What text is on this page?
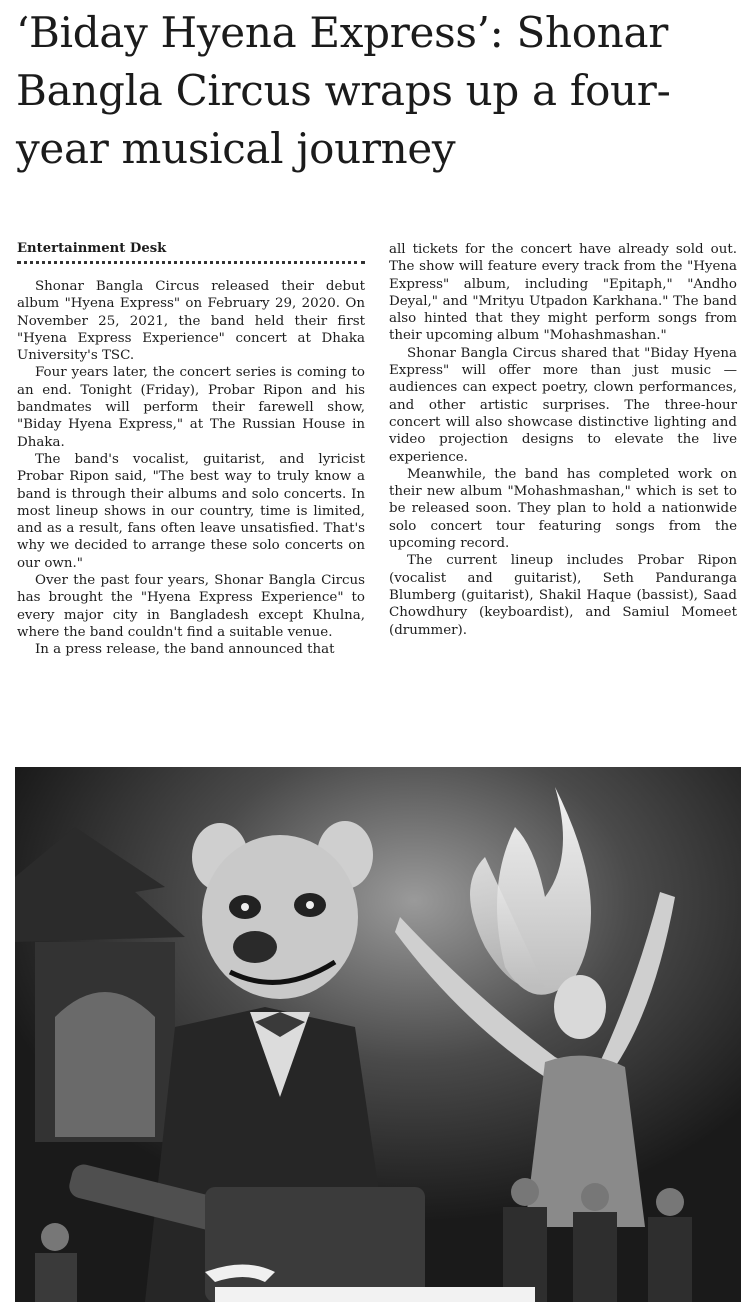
‘Biday Hyena Express’: Shonar Bangla Circus wraps up a four-year musical journey
Entertainment Desk

Shonar Bangla Circus released their debut album "Hyena Express" on February 29, 2020. On November 25, 2021, the band held their first "Hyena Express Experience" concert at Dhaka University's TSC.

Four years later, the concert series is coming to an end. Tonight (Friday), Probar Ripon and his bandmates will perform their farewell show, "Biday Hyena Express," at The Russian House in Dhaka.

The band's vocalist, guitarist, and lyricist Probar Ripon said, "The best way to truly know a band is through their albums and solo concerts. In most lineup shows in our country, time is limited, and as a result, fans often leave unsatisfied. That's why we decided to arrange these solo concerts on our own."

Over the past four years, Shonar Bangla Circus has brought the "Hyena Express Experience" to every major city in Bangladesh except Khulna, where the band couldn't find a suitable venue.

In a press release, the band announced that

all tickets for the concert have already sold out. The show will feature every track from the "Hyena Express" album, including "Epitaph," "Andho Deyal," and "Mrityu Utpadon Karkhana." The band also hinted that they might perform songs from their upcoming album "Mohashmashan."

Shonar Bangla Circus shared that "Biday Hyena Express" will offer more than just music — audiences can expect poetry, clown performances, and other artistic surprises. The three-hour concert will also showcase distinctive lighting and video projection designs to elevate the live experience.

Meanwhile, the band has completed work on their new album "Mohashmashan," which is set to be released soon. They plan to hold a nationwide solo concert tour featuring songs from the upcoming record.

The current lineup includes Probar Ripon (vocalist and guitarist), Seth Panduranga Blumberg (guitarist), Shakil Haque (bassist), Saad Chowdhury (keyboardist), and Samiul Momeet (drummer).
